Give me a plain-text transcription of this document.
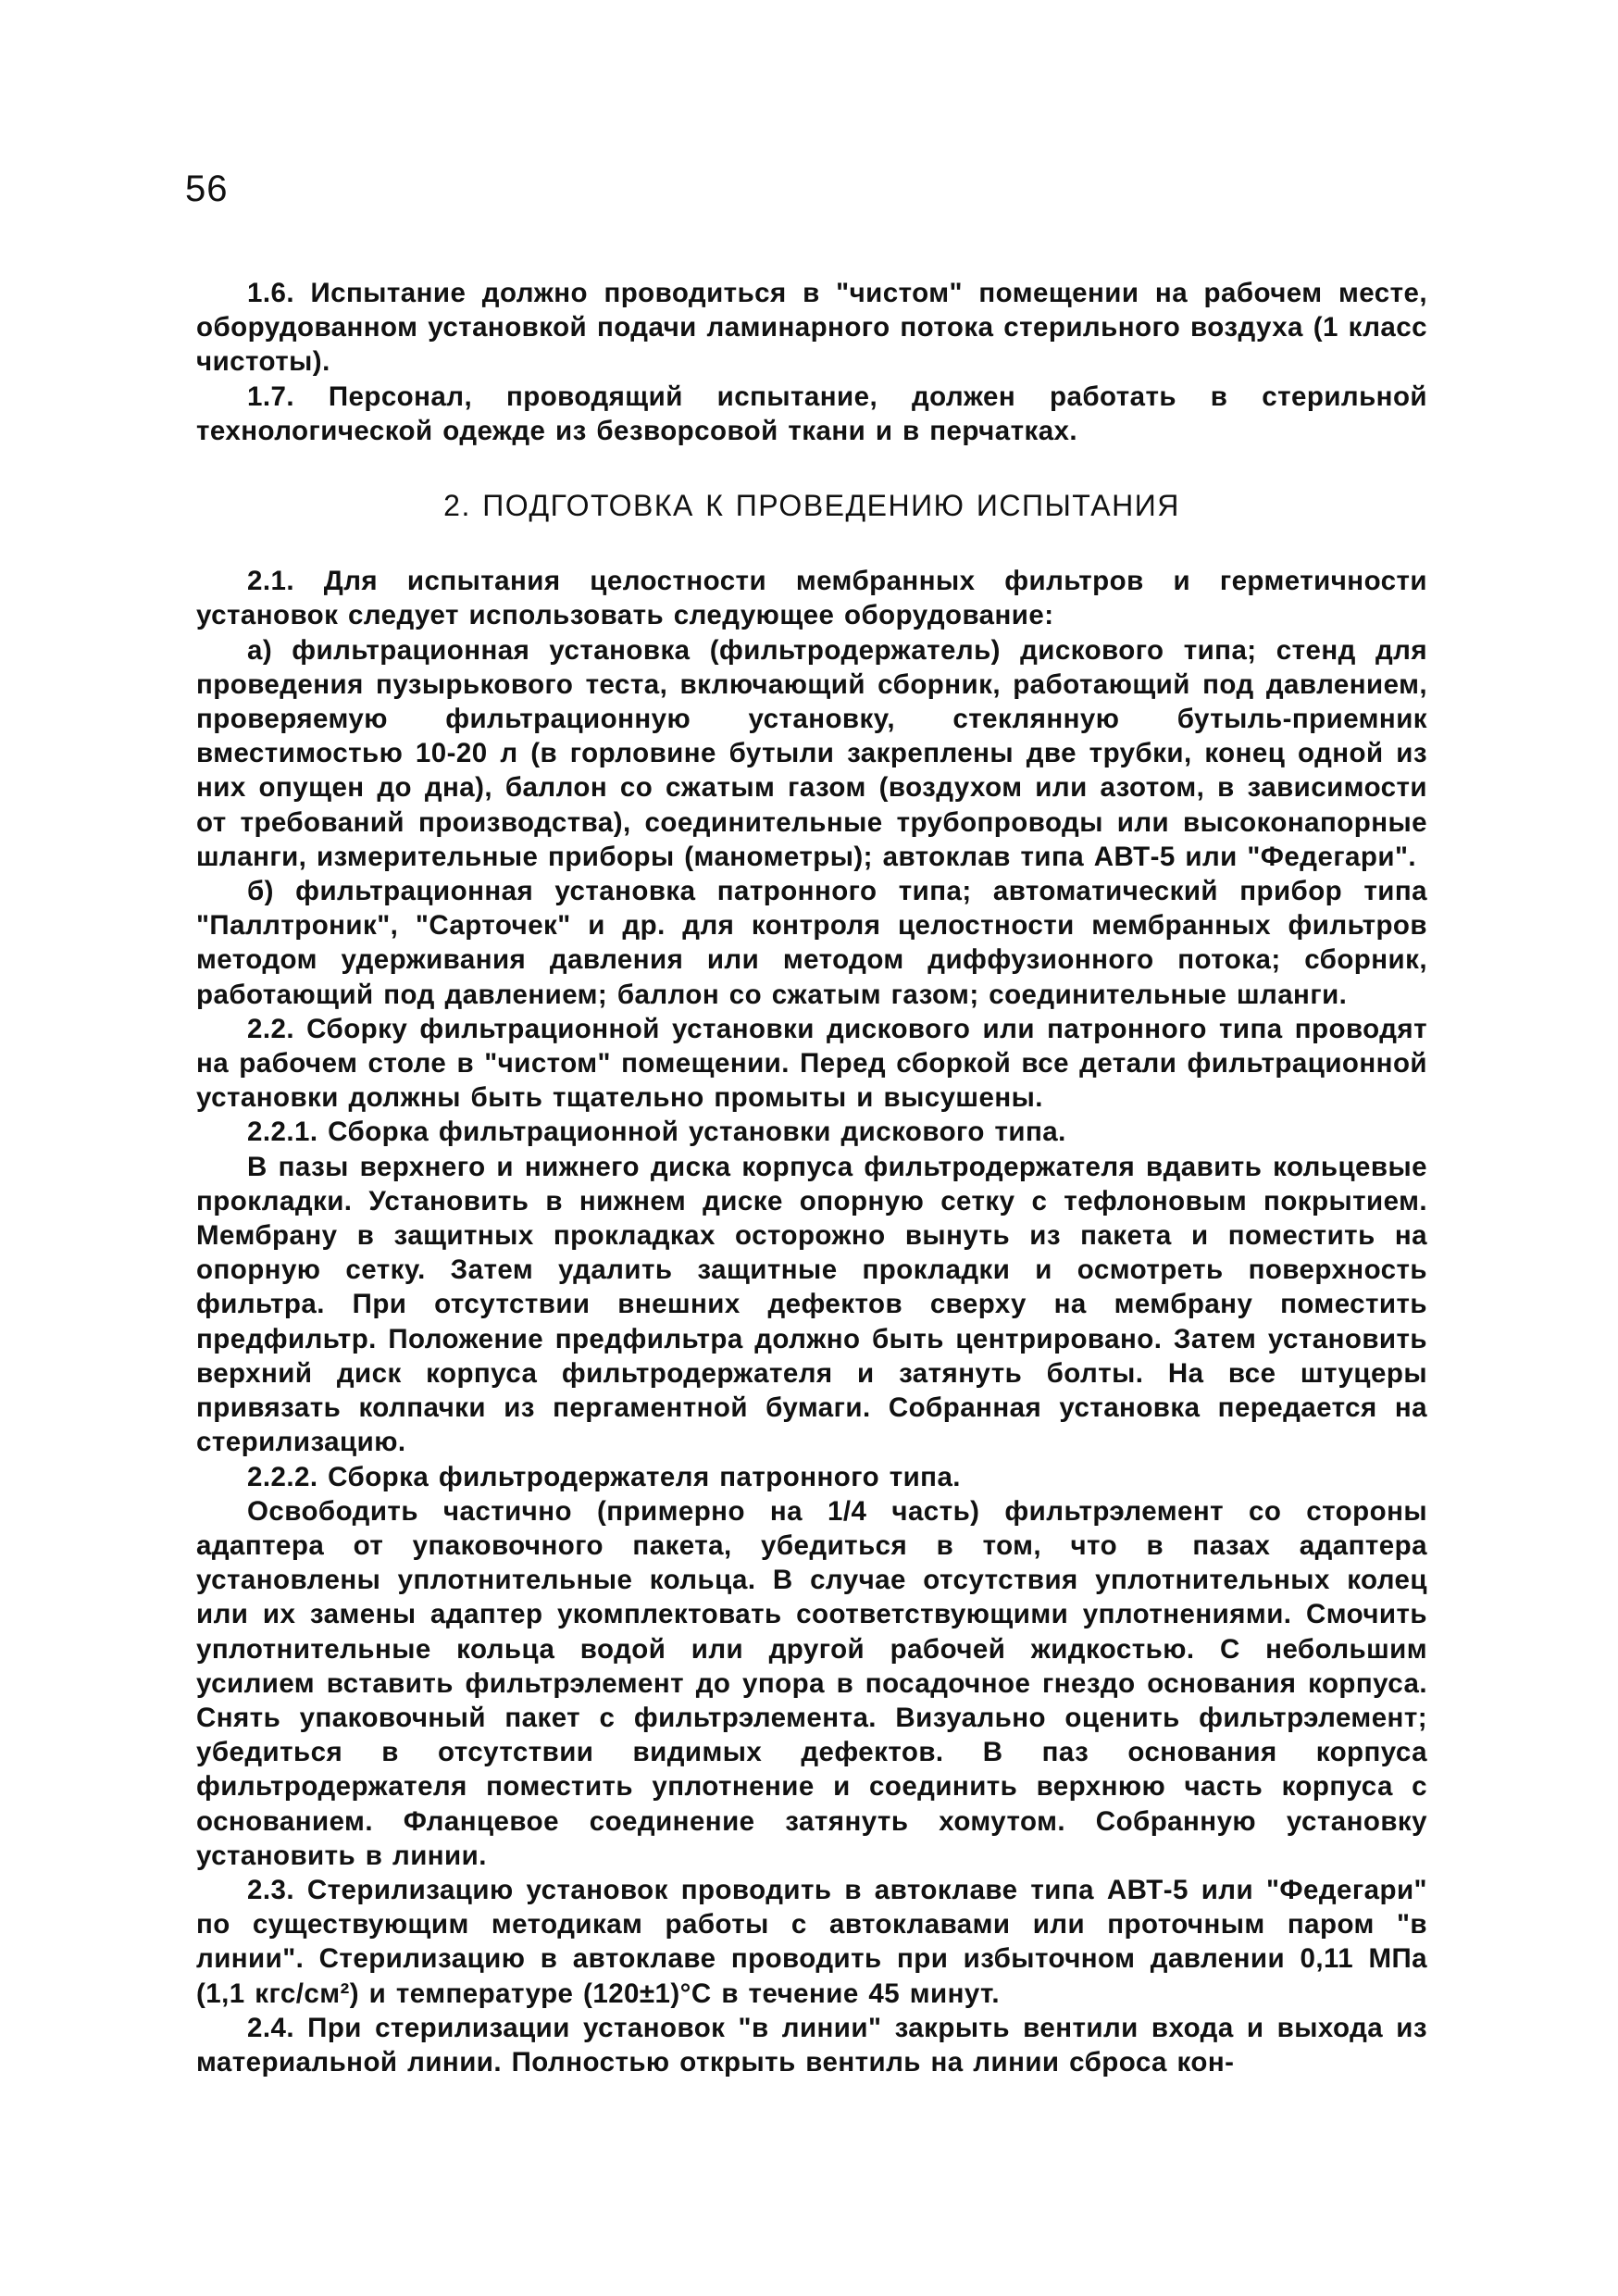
56

1.6. Испытание должно проводиться в "чистом" помещении на рабочем месте, оборудованном установкой подачи ламинарного потока стерильного воздуха (1 класс чистоты).

1.7. Персонал, проводящий испытание, должен работать в стерильной технологической одежде из безворсовой ткани и в перчатках.

2. ПОДГОТОВКА К ПРОВЕДЕНИЮ ИСПЫТАНИЯ

2.1. Для испытания целостности мембранных фильтров и герметичности установок следует использовать следующее оборудование:

а) фильтрационная установка (фильтродержатель) дискового типа; стенд для проведения пузырькового теста, включающий сборник, работающий под давлением, проверяемую фильтрационную установку, стеклянную бутыль-приемник вместимостью 10-20 л (в горловине бутыли закреплены две трубки, конец одной из них опущен до дна), баллон со сжатым газом (воздухом или азотом, в зависимости от требований производства), соединительные трубопроводы или высоконапорные шланги, измерительные приборы (манометры); автоклав типа АВТ-5 или "Федегари".

б) фильтрационная установка патронного типа; автоматический прибор типа "Паллтроник", "Сарточек" и др. для контроля целостности мембранных фильтров методом удерживания давления или методом диффузионного потока; сборник, работающий под давлением; баллон со сжатым газом; соединительные шланги.

2.2. Сборку фильтрационной установки дискового или патронного типа проводят на рабочем столе в "чистом" помещении. Перед сборкой все детали фильтрационной установки должны быть тщательно промыты и высушены.

2.2.1. Сборка фильтрационной установки дискового типа.

В пазы верхнего и нижнего диска корпуса фильтродержателя вдавить кольцевые прокладки. Установить в нижнем диске опорную сетку с тефлоновым покрытием. Мембрану в защитных прокладках осторожно вынуть из пакета и поместить на опорную сетку. Затем удалить защитные прокладки и осмотреть поверхность фильтра. При отсутствии внешних дефектов сверху на мембрану поместить предфильтр. Положение предфильтра должно быть центрировано. Затем установить верхний диск корпуса фильтродержателя и затянуть болты. На все штуцеры привязать колпачки из пергаментной бумаги. Собранная установка передается на стерилизацию.

2.2.2. Сборка фильтродержателя патронного типа.

Освободить частично (примерно на 1/4 часть) фильтрэлемент со стороны адаптера от упаковочного пакета, убедиться в том, что в пазах адаптера установлены уплотнительные кольца. В случае отсутствия уплотнительных колец или их замены адаптер укомплектовать соответствующими уплотнениями. Смочить уплотнительные кольца водой или другой рабочей жидкостью. С небольшим усилием вставить фильтрэлемент до упора в посадочное гнездо основания корпуса. Снять упаковочный пакет с фильтрэлемента. Визуально оценить фильтрэлемент; убедиться в отсутствии видимых дефектов. В паз основания корпуса фильтродержателя поместить уплотнение и соединить верхнюю часть корпуса с основанием. Фланцевое соединение затянуть хомутом. Собранную установку установить в линии.

2.3. Стерилизацию установок проводить в автоклаве типа АВТ-5 или "Федегари" по существующим методикам работы с автоклавами или проточным паром "в линии". Стерилизацию в автоклаве проводить при избыточном давлении 0,11 МПа (1,1 кгс/см²) и температуре (120±1)°С в течение 45 минут.

2.4. При стерилизации установок "в линии" закрыть вентили входа и выхода из материальной линии. Полностью открыть вентиль на линии сброса кон-
